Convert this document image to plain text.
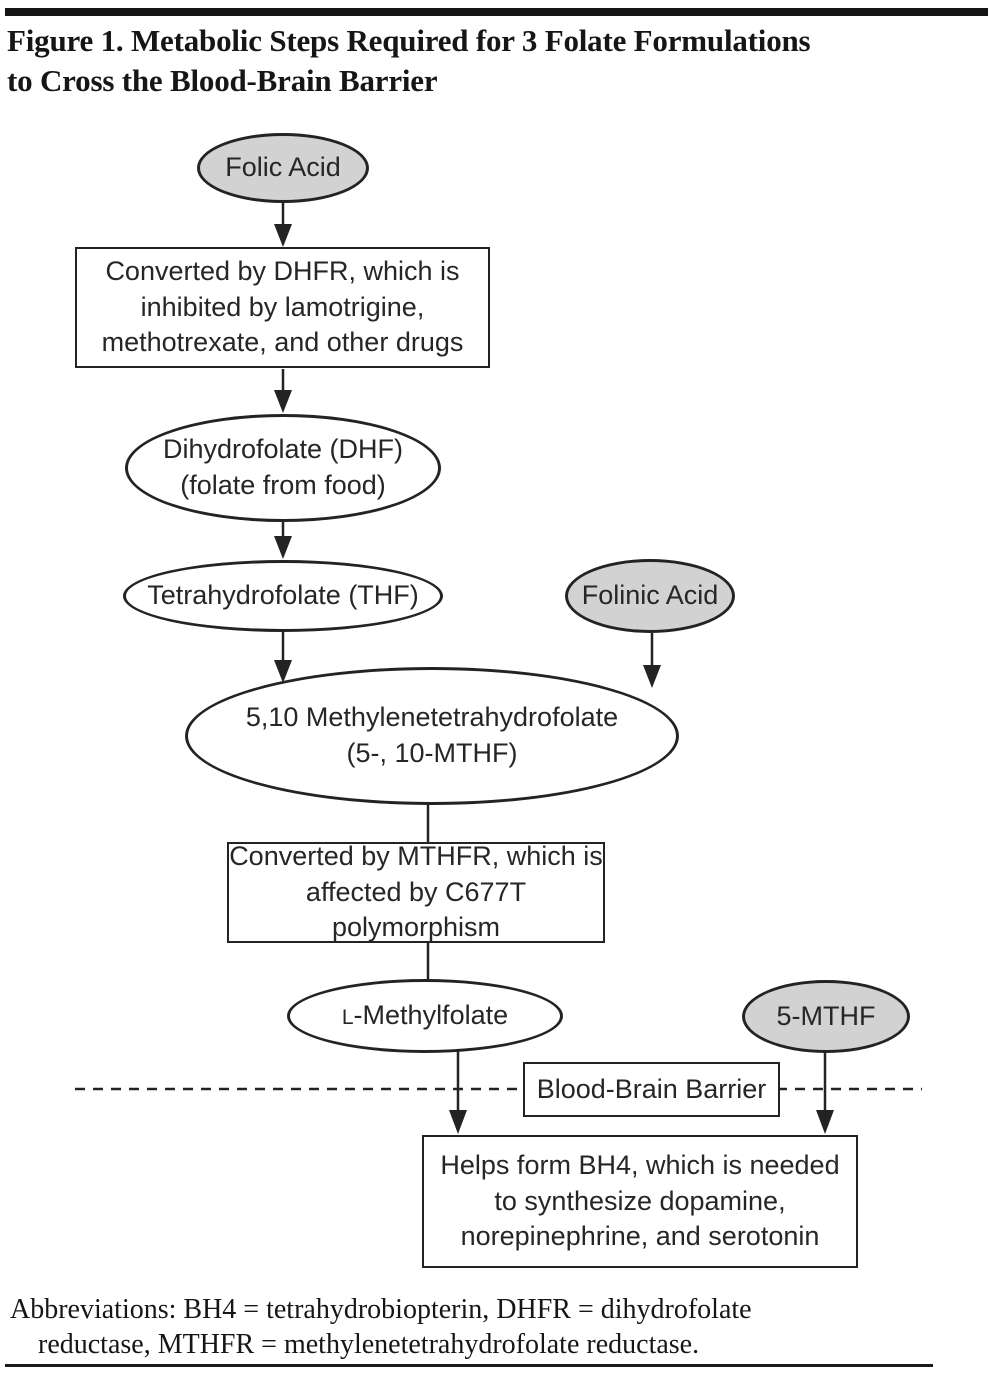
Figure 1. Metabolic Steps Required for 3 Folate Formulations
to Cross the Blood-Brain Barrier
Folic Acid
Converted by DHFR, which is
inhibited by lamotrigine,
methotrexate, and other drugs
Dihydrofolate (DHF)
(folate from food)
Tetrahydrofolate (THF)	Folinic Acid
5,10 Methylenetetrahydrofolate
(5-, 10-MTHF)
Converted by MTHFR, which is
affected by C677T polymorphism
L-Methylfolate	5-MTHF
Blood-Brain Barrier
Helps form BH4, which is needed
to synthesize dopamine,
norepinephrine, and serotonin
Abbreviations: BH4 = tetrahydrobiopterin, DHFR = dihydrofolate
reductase, MTHFR = methylenetetrahydrofolate reductase.
